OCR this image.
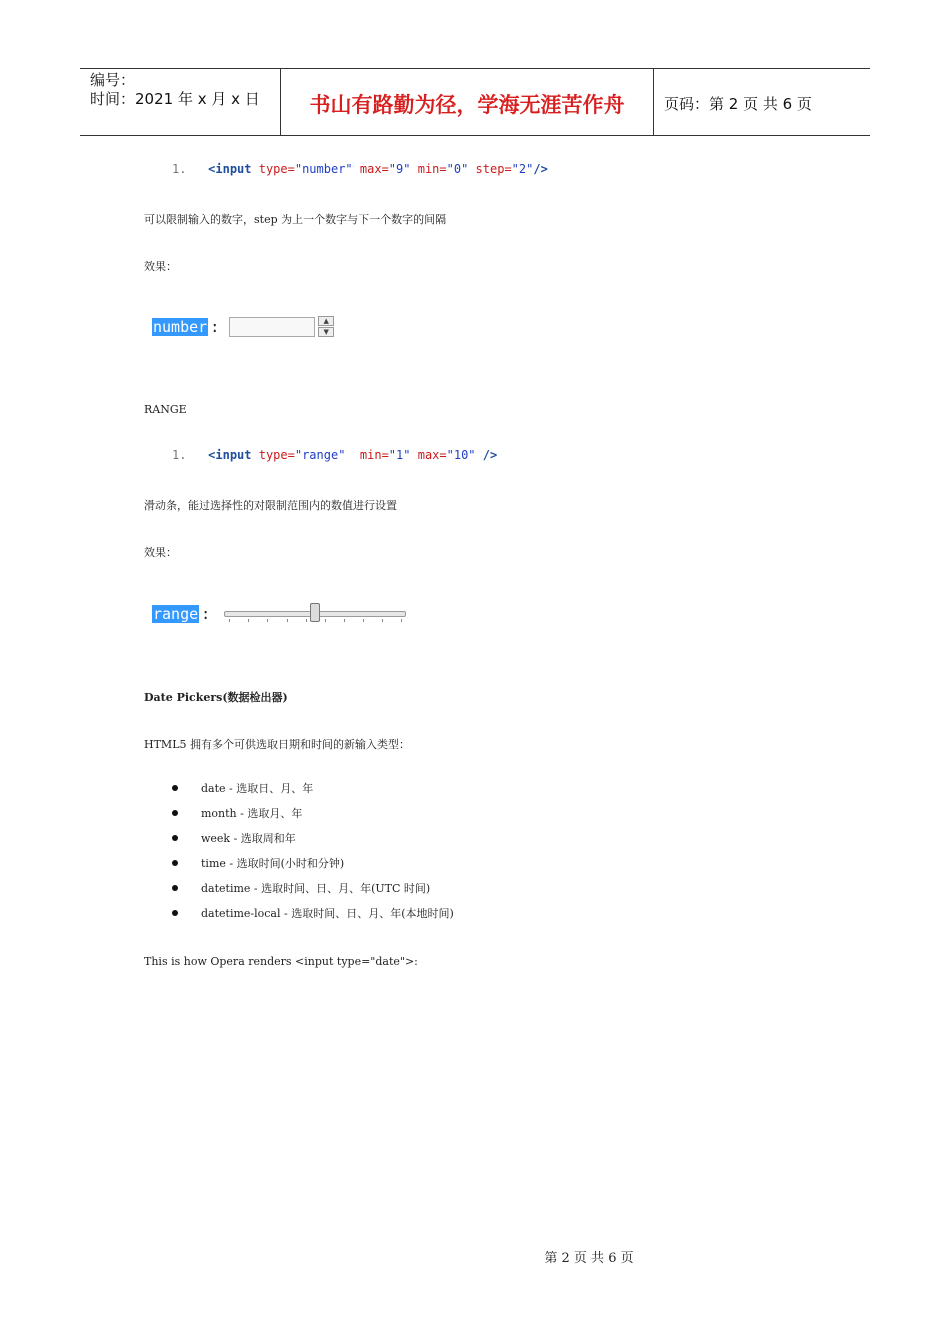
编号：
时间：2021 年 x 月 x 日	书山有路勤为径，学海无涯苦作舟	页码：第 2 页 共 6 页
1. <input type="number" max="9" min="0" step="2"/>
可以限制输入的数字，step 为上一个数字与下一个数字的间隔
效果：
number :	▲
▼
RANGE
1. <input type="range" min="1" max="10" />
滑动条，能过选择性的对限制范围内的数值进行设置
效果：
range :
Date Pickers(数据检出器)
HTML5 拥有多个可供选取日期和时间的新输入类型：
date - 选取日、月、年
month - 选取月、年
week - 选取周和年
time - 选取时间(小时和分钟)
datetime - 选取时间、日、月、年(UTC 时间)
datetime-local - 选取时间、日、月、年(本地时间)
This is how Opera renders <input type="date">:
第 2 页 共 6 页
